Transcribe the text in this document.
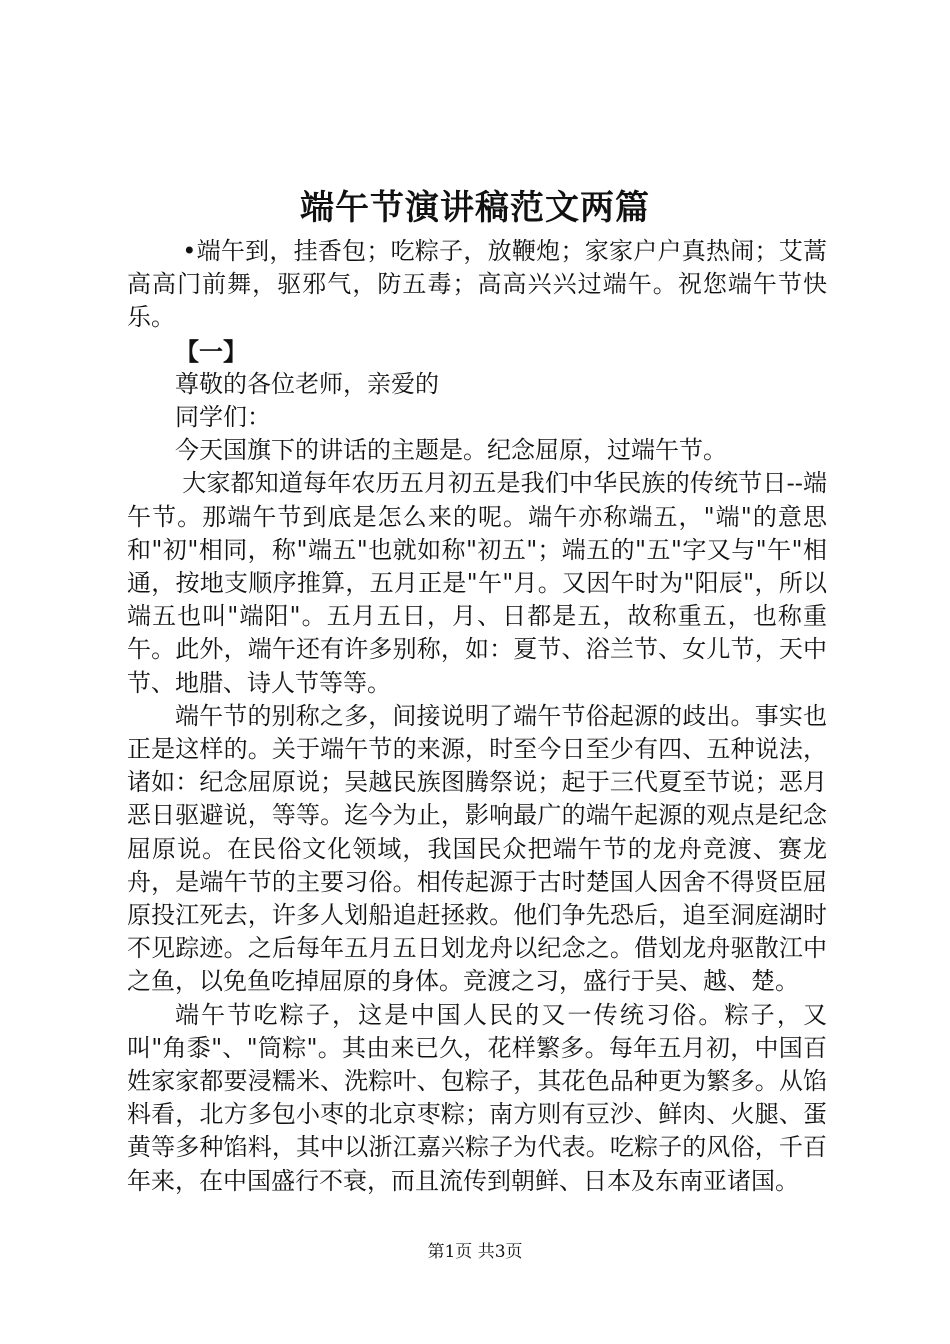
端午节演讲稿范文两篇

•端午到，挂香包；吃粽子，放鞭炮；家家户户真热闹；艾蒿高高门前舞，驱邪气，防五毒；高高兴兴过端午。祝您端午节快乐。

【一】

尊敬的各位老师，亲爱的

同学们：

今天国旗下的讲话的主题是。纪念屈原，过端午节。

大家都知道每年农历五月初五是我们中华民族的传统节日--端午节。那端午节到底是怎么来的呢。端午亦称端五，"端"的意思和"初"相同，称"端五"也就如称"初五"；端五的"五"字又与"午"相通，按地支顺序推算，五月正是"午"月。又因午时为"阳辰"，所以端五也叫"端阳"。五月五日，月、日都是五，故称重五，也称重午。此外，端午还有许多别称，如：夏节、浴兰节、女儿节，天中节、地腊、诗人节等等。

端午节的别称之多，间接说明了端午节俗起源的歧出。事实也正是这样的。关于端午节的来源，时至今日至少有四、五种说法，诸如：纪念屈原说；吴越民族图腾祭说；起于三代夏至节说；恶月恶日驱避说，等等。迄今为止，影响最广的端午起源的观点是纪念屈原说。在民俗文化领域，我国民众把端午节的龙舟竞渡、赛龙舟，是端午节的主要习俗。相传起源于古时楚国人因舍不得贤臣屈原投江死去，许多人划船追赶拯救。他们争先恐后，追至洞庭湖时不见踪迹。之后每年五月五日划龙舟以纪念之。借划龙舟驱散江中之鱼，以免鱼吃掉屈原的身体。竞渡之习，盛行于吴、越、楚。

端午节吃粽子，这是中国人民的又一传统习俗。粽子，又叫"角黍"、"筒粽"。其由来已久，花样繁多。每年五月初，中国百姓家家都要浸糯米、洗粽叶、包粽子，其花色品种更为繁多。从馅料看，北方多包小枣的北京枣粽；南方则有豆沙、鲜肉、火腿、蛋黄等多种馅料，其中以浙江嘉兴粽子为代表。吃粽子的风俗，千百年来，在中国盛行不衰，而且流传到朝鲜、日本及东南亚诸国。

第1页 共3页
